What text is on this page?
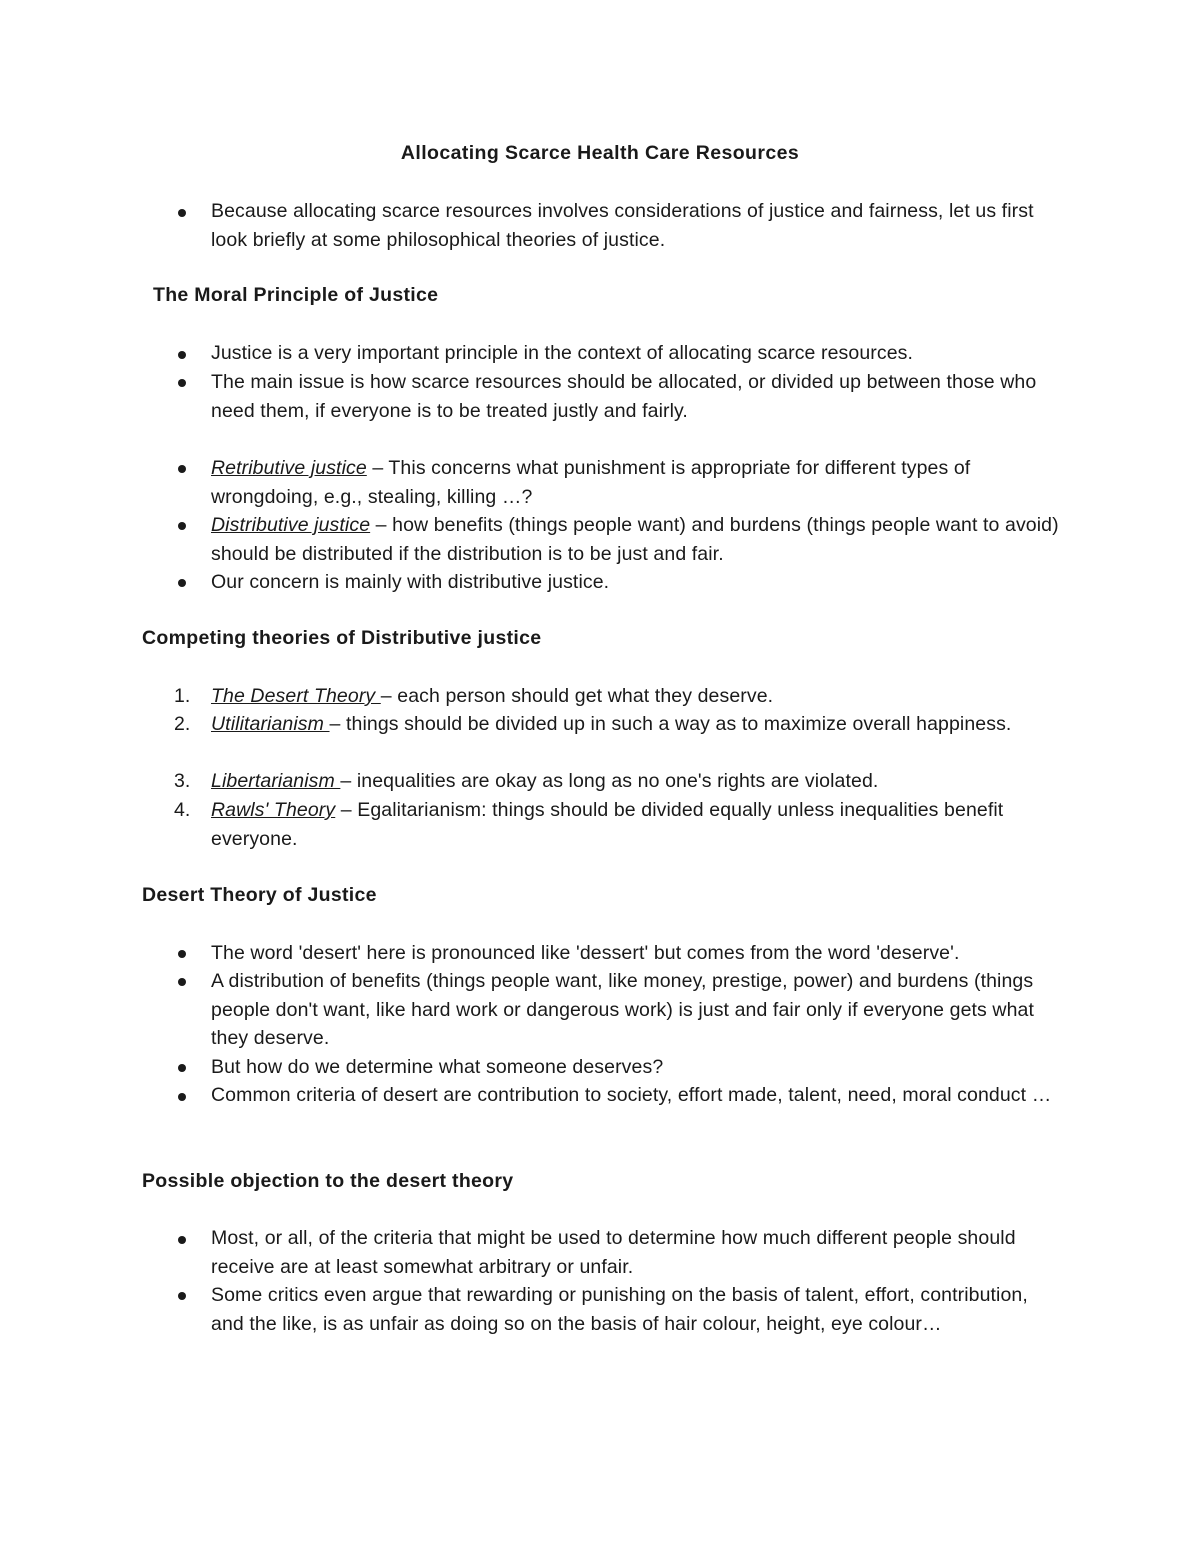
Allocating Scarce Health Care Resources
Because allocating scarce resources involves considerations of justice and fairness, let us first look briefly at some philosophical theories of justice.
The Moral Principle of Justice
Justice is a very important principle in the context of allocating scarce resources.
The main issue is how scarce resources should be allocated, or divided up between those who need them, if everyone is to be treated justly and fairly.
Retributive justice – This concerns what punishment is appropriate for different types of wrongdoing, e.g., stealing, killing …?
Distributive justice – how benefits (things people want) and burdens (things people want to avoid) should be distributed if the distribution is to be just and fair.
Our concern is mainly with distributive justice.
Competing theories of Distributive justice
1. The Desert Theory – each person should get what they deserve.
2. Utilitarianism – things should be divided up in such a way as to maximize overall happiness.
3. Libertarianism – inequalities are okay as long as no one's rights are violated.
4. Rawls' Theory – Egalitarianism: things should be divided equally unless inequalities benefit everyone.
Desert Theory of Justice
The word 'desert' here is pronounced like 'dessert' but comes from the word 'deserve'.
A distribution of benefits (things people want, like money, prestige, power) and burdens (things people don't want, like hard work or dangerous work) is just and fair only if everyone gets what they deserve.
But how do we determine what someone deserves?
Common criteria of desert are contribution to society, effort made, talent, need, moral conduct …
Possible objection to the desert theory
Most, or all, of the criteria that might be used to determine how much different people should receive are at least somewhat arbitrary or unfair.
Some critics even argue that rewarding or punishing on the basis of talent, effort, contribution, and the like, is as unfair as doing so on the basis of hair colour, height, eye colour…
